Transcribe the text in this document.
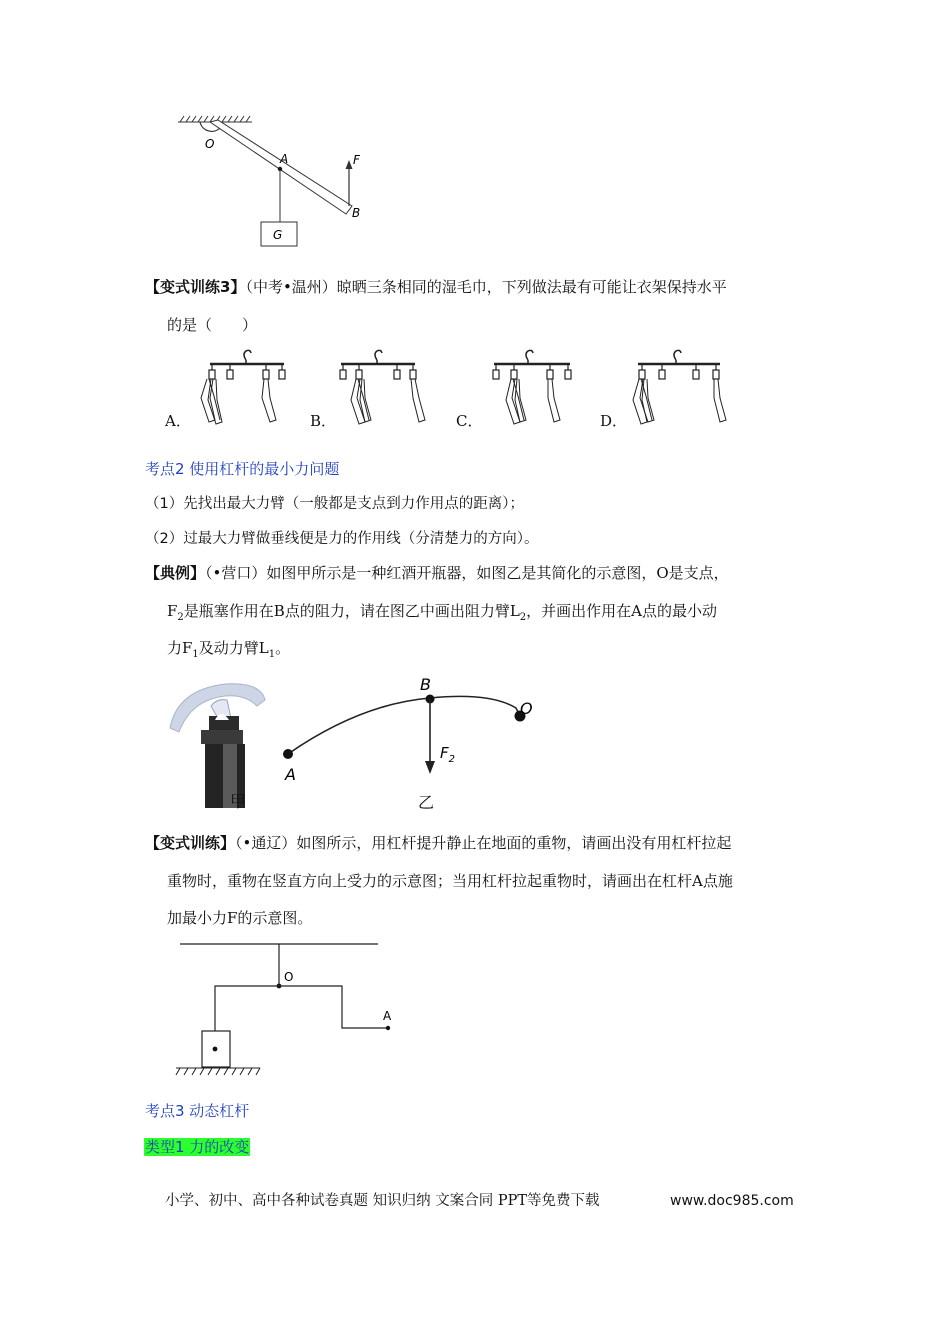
O
A	F
B
G
【变式训练3】（中考•温州）晾晒三条相同的湿毛巾，下列做法最有可能让衣架保持水平
的是（　　）
A．	B．	C．	D．
考点2 使用杠杆的最小力问题
（1）先找出最大力臂（一般都是支点到力作用点的距离）；
（2）过最大力臂做垂线便是力的作用线（分清楚力的方向）。
【典例】（•营口）如图甲所示是一种红酒开瓶器，如图乙是其简化的示意图，O是支点，
$F_2$是瓶塞作用在B点的阻力，请在图乙中画出阻力臂$L_2$，并画出作用在A点的最小动
力$F_1$及动力臂$L_1$。
甲
B
O
A
$F_2$
乙
【变式训练】（•通辽）如图所示，用杠杆提升静止在地面的重物，请画出没有用杠杆拉起
重物时，重物在竖直方向上受力的示意图；当用杠杆拉起重物时，请画出在杠杆A点施
加最小力F的示意图。
O
A
考点3 动态杠杆
类型1 力的改变
小学、初中、高中各种试卷真题 知识归纳 文案合同 PPT等免费下载	www.doc985.com
